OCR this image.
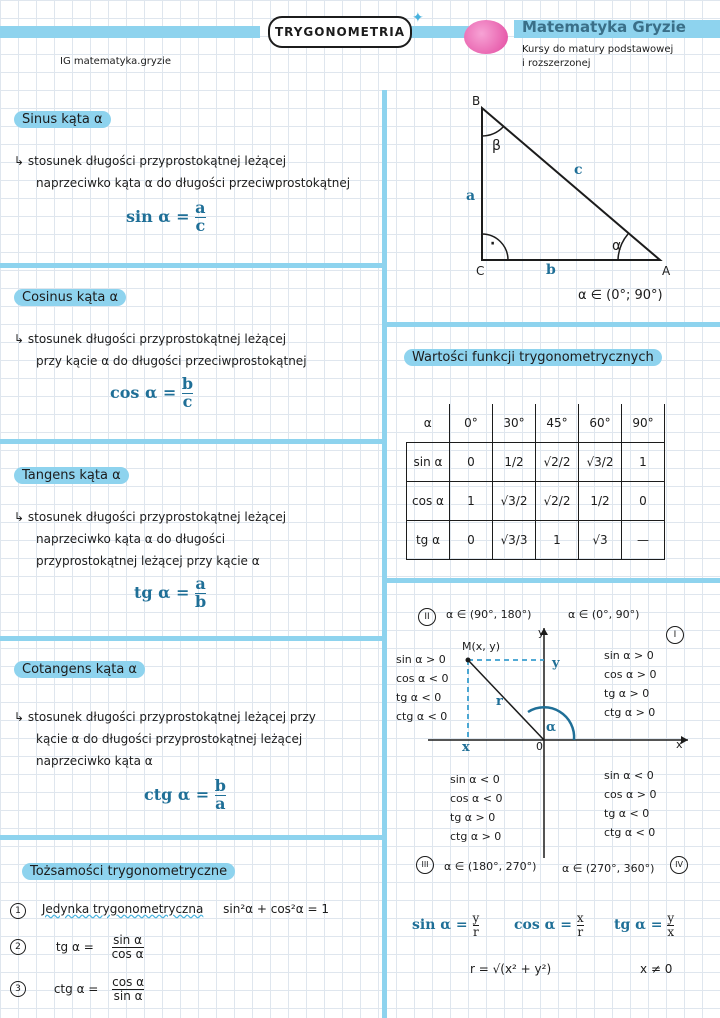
TRYGONOMETRIA
✦	Matematyka Gryzie
Kursy do matury podstawowej
i rozszerzonej
IG matematyka.gryzie
Sinus kąta α
↳ stosunek długości przyprostokątnej leżącej
naprzeciwko kąta α do długości przeciwprostokątnej
$\sin \alpha = \frac{a}{c}$
Cosinus kąta α
↳ stosunek długości przyprostokątnej leżącej
przy kącie α do długości przeciwprostokątnej
$\cos \alpha = \frac{b}{c}$
Tangens kąta α
↳ stosunek długości przyprostokątnej leżącej
naprzeciwko kąta α do długości
przyprostokątnej leżącej przy kącie α
tg $\alpha = \frac{a}{b}$
Cotangens kąta α
↳ stosunek długości przyprostokątnej leżącej przy
kącie α do długości przyprostokątnej leżącej
naprzeciwko kąta α
ctg $\alpha = \frac{b}{a}$
Tożsamości trygonometryczne
1 Jedynka trygonometryczna sin²α + cos²α = 1
2	tg $\alpha = \frac{\text{sin α}}{\text{cos α}}$
3	ctg $\alpha = \frac{\text{cos α}}{\text{sin α}}$
B
C	A
a
b
c
β
α
·
α ∈ (0°; 90°)
Wartości funkcji trygonometrycznych
α	0°	30°	45°	60°	90°
sin α	0	1/2	√2/2	√3/2	1
cos α	1	√3/2	√2/2	1/2	0
tg α	0	√3/3	1	√3	—
II	α ∈ (90°, 180°)	α ∈ (0°, 90°)
I
M(x, y)
y
x
0
y
x
r
α
sin α > 0
cos α < 0
tg α < 0
ctg α < 0
sin α > 0
cos α > 0
tg α > 0
ctg α > 0
sin α < 0
cos α < 0
tg α > 0
ctg α > 0
sin α < 0
cos α > 0
tg α < 0
ctg α < 0
III	α ∈ (180°, 270°) α ∈ (270°, 360°)	IV
$\sin \alpha = \frac{y}{r}$ $\cos \alpha = \frac{x}{r}$ tg $\alpha = \frac{y}{x}$
r = √(x² + y²)	x ≠ 0
